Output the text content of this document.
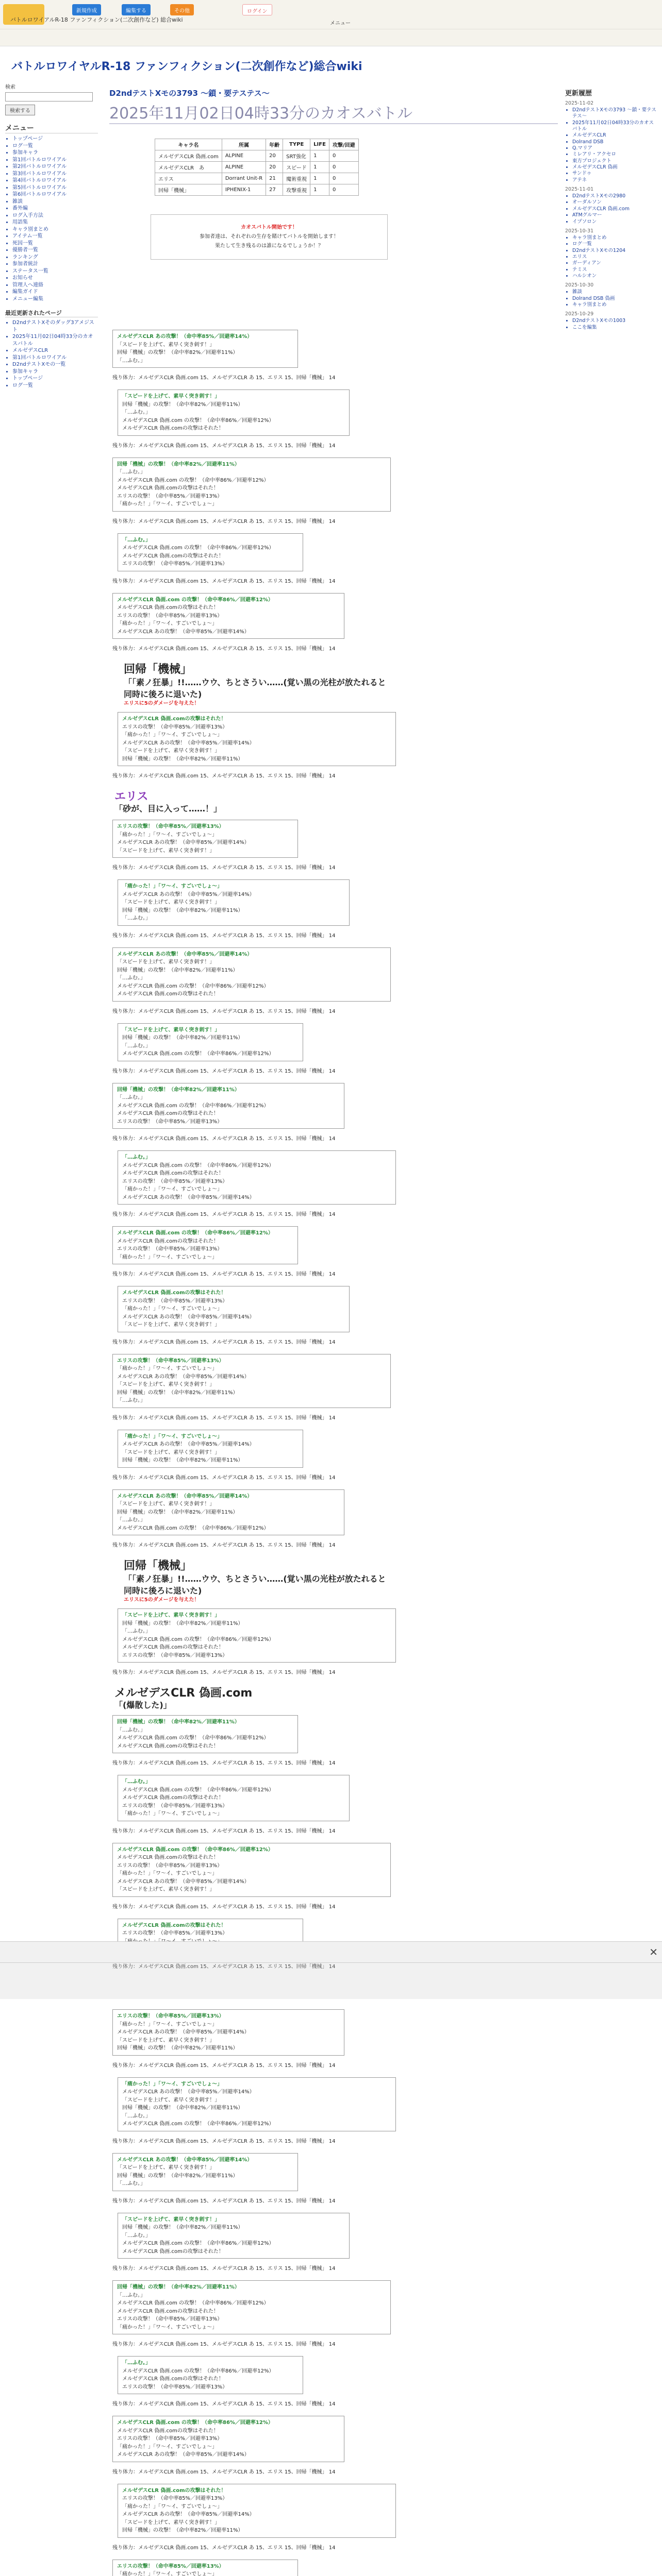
バトルロワイアルR-18 ファンフィクション(二次創作など) 総合wiki
新規作成	編集する	その他	ログイン
メニュー
バトルロワイヤルR-18 ファンフィクション(二次創作など)総合wiki
検索
検索する
メニュー
• トップページ
• ログ一覧
• 参加キャラ
• 第1回バトルロワイアル
• 第2回バトルロワイアル
• 第3回バトルロワイアル
• 第4回バトルロワイアル
• 第5回バトルロワイアル
• 第6回バトルロワイアル
• 雑談
• 番外編
• ログ入手方法
• 用語集
• キャラ別まとめ
• アイテム一覧
• 死因一覧
• 優勝者一覧
• ランキング
• 参加者統計
• ステータス一覧
• お知らせ
• 管理人へ連絡
• 編集ガイド
• メニュー編集
最近更新されたページ
• D2ndテストXそのダッグ3アメジスト
• 2025年11月02日04時33分のカオスバトル
• メルゼデスCLR
• 第1回バトルロワイアル
• D2ndテストXモの一覧
• 参加キャラ
• トップページ
• ログ一覧
更新履歴
2025-11-02
• D2ndテストXモの3793 〜鎖・要テステス〜
• 2025年11月02日04時33分のカオスバトル
• メルゼデスCLR
• Dolrand DSB
• Q.マリア
• ミレアリ・アクセロ
• 東方プロジェクト
• メルゼデスCLR 偽画
• サンドゥ
• アテネ
2025-11-01
• D2ndテストXモの2980
• オーダルソン
• メルゼデスCLR 偽画.com
• ATMグルマー
• イプソロン
2025-10-31
• キャラ別まとめ
• ログ一覧
• D2ndテストXモの1204
• エリス
• ガーディアン
• テミス
• ハルシオン
2025-10-30
• 雑談
• Dolrand DSB 偽画
• キャラ別まとめ
2025-10-29
• D2ndテストXモの1003
• ここを編集
D2ndテストXモの3793 〜鎖・要テステス〜
2025年11月02日04時33分のカオスバトル
キャラ名	所属	年齢	TYPE	LIFE	攻撃/回避
メルゼデスCLR 偽画.com	ALPINE	20	SRT強化	1	0
メルゼデスCLR　あ	ALPINE	20	スピード	1	0
エリス	Dorrant Unit-R	21	魔術重視	1	0
回帰「機械」	IPHENIX-1	27	攻撃重視	1	0
カオスバトル開始です！
参加者達は、それぞれの生存を賭けてバトルを開始します！
果たして生き残るのは誰になるでしょうか！？
メルゼデスCLR あの攻撃！（命中率85%／回避率14%）
「スピードを上げて、素早く突き刺す！」
回帰「機械」の攻撃！（命中率82%／回避率11%）
「…ふむ。」
残り体力：メルゼデスCLR 偽画.com 15、メルゼデスCLR あ 15、エリス 15、回帰「機械」 14
「スピードを上げて、素早く突き刺す！」
回帰「機械」の攻撃！（命中率82%／回避率11%）
「…ふむ。」
メルゼデスCLR 偽画.com の攻撃！（命中率86%／回避率12%）
メルゼデスCLR 偽画.comの攻撃はそれた！
残り体力：メルゼデスCLR 偽画.com 15、メルゼデスCLR あ 15、エリス 15、回帰「機械」 14
回帰「機械」の攻撃！（命中率82%／回避率11%）
「…ふむ。」
メルゼデスCLR 偽画.com の攻撃！（命中率86%／回避率12%）
メルゼデスCLR 偽画.comの攻撃はそれた！
エリスの攻撃！（命中率85%／回避率13%）
「痛かった！」「ワ〜イ、すごいでしょ〜」
残り体力：メルゼデスCLR 偽画.com 15、メルゼデスCLR あ 15、エリス 15、回帰「機械」 14
「…ふむ。」
メルゼデスCLR 偽画.com の攻撃！（命中率86%／回避率12%）
メルゼデスCLR 偽画.comの攻撃はそれた！
エリスの攻撃！（命中率85%／回避率13%）
残り体力：メルゼデスCLR 偽画.com 15、メルゼデスCLR あ 15、エリス 15、回帰「機械」 14
メルゼデスCLR 偽画.com の攻撃！（命中率86%／回避率12%）
メルゼデスCLR 偽画.comの攻撃はそれた！
エリスの攻撃！（命中率85%／回避率13%）
「痛かった！」「ワ〜イ、すごいでしょ〜」
メルゼデスCLR あの攻撃！（命中率85%／回避率14%）
残り体力：メルゼデスCLR 偽画.com 15、メルゼデスCLR あ 15、エリス 15、回帰「機械」 14
回帰「機械」
「「素ノ狂暴」!!……ウウ、ちとさうい……(覚い黒の光柱が放たれると同時に後ろに退いた)
エリスに5のダメージを与えた！
メルゼデスCLR 偽画.comの攻撃はそれた！
エリスの攻撃！（命中率85%／回避率13%）
「痛かった！」「ワ〜イ、すごいでしょ〜」
メルゼデスCLR あの攻撃！（命中率85%／回避率14%）
「スピードを上げて、素早く突き刺す！」
回帰「機械」の攻撃！（命中率82%／回避率11%）
残り体力：メルゼデスCLR 偽画.com 15、メルゼデスCLR あ 15、エリス 15、回帰「機械」 14
エリス
「砂が、目に入って……！」
エリスの攻撃！（命中率85%／回避率13%）
「痛かった！」「ワ〜イ、すごいでしょ〜」
メルゼデスCLR あの攻撃！（命中率85%／回避率14%）
「スピードを上げて、素早く突き刺す！」
残り体力：メルゼデスCLR 偽画.com 15、メルゼデスCLR あ 15、エリス 15、回帰「機械」 14
「痛かった！」「ワ〜イ、すごいでしょ〜」
メルゼデスCLR あの攻撃！（命中率85%／回避率14%）
「スピードを上げて、素早く突き刺す！」
回帰「機械」の攻撃！（命中率82%／回避率11%）
「…ふむ。」
残り体力：メルゼデスCLR 偽画.com 15、メルゼデスCLR あ 15、エリス 15、回帰「機械」 14
メルゼデスCLR あの攻撃！（命中率85%／回避率14%）
「スピードを上げて、素早く突き刺す！」
回帰「機械」の攻撃！（命中率82%／回避率11%）
「…ふむ。」
メルゼデスCLR 偽画.com の攻撃！（命中率86%／回避率12%）
メルゼデスCLR 偽画.comの攻撃はそれた！
残り体力：メルゼデスCLR 偽画.com 15、メルゼデスCLR あ 15、エリス 15、回帰「機械」 14
「スピードを上げて、素早く突き刺す！」
回帰「機械」の攻撃！（命中率82%／回避率11%）
「…ふむ。」
メルゼデスCLR 偽画.com の攻撃！（命中率86%／回避率12%）
残り体力：メルゼデスCLR 偽画.com 15、メルゼデスCLR あ 15、エリス 15、回帰「機械」 14
回帰「機械」の攻撃！（命中率82%／回避率11%）
「…ふむ。」
メルゼデスCLR 偽画.com の攻撃！（命中率86%／回避率12%）
メルゼデスCLR 偽画.comの攻撃はそれた！
エリスの攻撃！（命中率85%／回避率13%）
残り体力：メルゼデスCLR 偽画.com 15、メルゼデスCLR あ 15、エリス 15、回帰「機械」 14
「…ふむ。」
メルゼデスCLR 偽画.com の攻撃！（命中率86%／回避率12%）
メルゼデスCLR 偽画.comの攻撃はそれた！
エリスの攻撃！（命中率85%／回避率13%）
「痛かった！」「ワ〜イ、すごいでしょ〜」
メルゼデスCLR あの攻撃！（命中率85%／回避率14%）
残り体力：メルゼデスCLR 偽画.com 15、メルゼデスCLR あ 15、エリス 15、回帰「機械」 14
メルゼデスCLR 偽画.com の攻撃！（命中率86%／回避率12%）
メルゼデスCLR 偽画.comの攻撃はそれた！
エリスの攻撃！（命中率85%／回避率13%）
「痛かった！」「ワ〜イ、すごいでしょ〜」
残り体力：メルゼデスCLR 偽画.com 15、メルゼデスCLR あ 15、エリス 15、回帰「機械」 14
メルゼデスCLR 偽画.comの攻撃はそれた！
エリスの攻撃！（命中率85%／回避率13%）
「痛かった！」「ワ〜イ、すごいでしょ〜」
メルゼデスCLR あの攻撃！（命中率85%／回避率14%）
「スピードを上げて、素早く突き刺す！」
残り体力：メルゼデスCLR 偽画.com 15、メルゼデスCLR あ 15、エリス 15、回帰「機械」 14
エリスの攻撃！（命中率85%／回避率13%）
「痛かった！」「ワ〜イ、すごいでしょ〜」
メルゼデスCLR あの攻撃！（命中率85%／回避率14%）
「スピードを上げて、素早く突き刺す！」
回帰「機械」の攻撃！（命中率82%／回避率11%）
「…ふむ。」
残り体力：メルゼデスCLR 偽画.com 15、メルゼデスCLR あ 15、エリス 15、回帰「機械」 14
「痛かった！」「ワ〜イ、すごいでしょ〜」
メルゼデスCLR あの攻撃！（命中率85%／回避率14%）
「スピードを上げて、素早く突き刺す！」
回帰「機械」の攻撃！（命中率82%／回避率11%）
残り体力：メルゼデスCLR 偽画.com 15、メルゼデスCLR あ 15、エリス 15、回帰「機械」 14
メルゼデスCLR あの攻撃！（命中率85%／回避率14%）
「スピードを上げて、素早く突き刺す！」
回帰「機械」の攻撃！（命中率82%／回避率11%）
「…ふむ。」
メルゼデスCLR 偽画.com の攻撃！（命中率86%／回避率12%）
残り体力：メルゼデスCLR 偽画.com 15、メルゼデスCLR あ 15、エリス 15、回帰「機械」 14
回帰「機械」
「「素ノ狂暴」!!……ウウ、ちとさうい……(覚い黒の光柱が放たれると同時に後ろに退いた)
エリスに5のダメージを与えた！
「スピードを上げて、素早く突き刺す！」
回帰「機械」の攻撃！（命中率82%／回避率11%）
「…ふむ。」
メルゼデスCLR 偽画.com の攻撃！（命中率86%／回避率12%）
メルゼデスCLR 偽画.comの攻撃はそれた！
エリスの攻撃！（命中率85%／回避率13%）
残り体力：メルゼデスCLR 偽画.com 15、メルゼデスCLR あ 15、エリス 15、回帰「機械」 14
メルゼデスCLR 偽画.com
「(爆散した)」
回帰「機械」の攻撃！（命中率82%／回避率11%）
「…ふむ。」
メルゼデスCLR 偽画.com の攻撃！（命中率86%／回避率12%）
メルゼデスCLR 偽画.comの攻撃はそれた！
残り体力：メルゼデスCLR 偽画.com 15、メルゼデスCLR あ 15、エリス 15、回帰「機械」 14
「…ふむ。」
メルゼデスCLR 偽画.com の攻撃！（命中率86%／回避率12%）
メルゼデスCLR 偽画.comの攻撃はそれた！
エリスの攻撃！（命中率85%／回避率13%）
「痛かった！」「ワ〜イ、すごいでしょ〜」
残り体力：メルゼデスCLR 偽画.com 15、メルゼデスCLR あ 15、エリス 15、回帰「機械」 14
メルゼデスCLR 偽画.com の攻撃！（命中率86%／回避率12%）
メルゼデスCLR 偽画.comの攻撃はそれた！
エリスの攻撃！（命中率85%／回避率13%）
「痛かった！」「ワ〜イ、すごいでしょ〜」
メルゼデスCLR あの攻撃！（命中率85%／回避率14%）
「スピードを上げて、素早く突き刺す！」
残り体力：メルゼデスCLR 偽画.com 15、メルゼデスCLR あ 15、エリス 15、回帰「機械」 14
メルゼデスCLR 偽画.comの攻撃はそれた！
エリスの攻撃！（命中率85%／回避率13%）
残り体力：メルゼデスCLR 偽画.com 15、メルゼデスCLR あ 15、エリス 15、回帰「機械」 14
エリスの攻撃！（命中率85%／回避率13%）
「痛かった！」「ワ〜イ、すごいでしょ〜」
メルゼデスCLR あの攻撃！（命中率85%／回避率14%）
「スピードを上げて、素早く突き刺す！」
回帰「機械」の攻撃！（命中率82%／回避率11%）
残り体力：メルゼデスCLR 偽画.com 15、メルゼデスCLR あ 15、エリス 15、回帰「機械」 14
「痛かった！」「ワ〜イ、すごいでしょ〜」
メルゼデスCLR あの攻撃！（命中率85%／回避率14%）
「スピードを上げて、素早く突き刺す！」
回帰「機械」の攻撃！（命中率82%／回避率11%）
「…ふむ。」
メルゼデスCLR 偽画.com の攻撃！（命中率86%／回避率12%）
残り体力：メルゼデスCLR 偽画.com 15、メルゼデスCLR あ 15、エリス 15、回帰「機械」 14
メルゼデスCLR あの攻撃！（命中率85%／回避率14%）
「スピードを上げて、素早く突き刺す！」
回帰「機械」の攻撃！（命中率82%／回避率11%）
「…ふむ。」
残り体力：メルゼデスCLR 偽画.com 15、メルゼデスCLR あ 15、エリス 15、回帰「機械」 14
「スピードを上げて、素早く突き刺す！」
回帰「機械」の攻撃！（命中率82%／回避率11%）
「…ふむ。」
メルゼデスCLR 偽画.com の攻撃！（命中率86%／回避率12%）
メルゼデスCLR 偽画.comの攻撃はそれた！
残り体力：メルゼデスCLR 偽画.com 15、メルゼデスCLR あ 15、エリス 15、回帰「機械」 14
回帰「機械」の攻撃！（命中率82%／回避率11%）
「…ふむ。」
メルゼデスCLR 偽画.com の攻撃！（命中率86%／回避率12%）
メルゼデスCLR 偽画.comの攻撃はそれた！
エリスの攻撃！（命中率85%／回避率13%）
「痛かった！」「ワ〜イ、すごいでしょ〜」
残り体力：メルゼデスCLR 偽画.com 15、メルゼデスCLR あ 15、エリス 15、回帰「機械」 14
「…ふむ。」
メルゼデスCLR 偽画.com の攻撃！（命中率86%／回避率12%）
メルゼデスCLR 偽画.comの攻撃はそれた！
エリスの攻撃！（命中率85%／回避率13%）
残り体力：メルゼデスCLR 偽画.com 15、メルゼデスCLR あ 15、エリス 15、回帰「機械」 14
メルゼデスCLR 偽画.com の攻撃！（命中率86%／回避率12%）
メルゼデスCLR 偽画.comの攻撃はそれた！
エリスの攻撃！（命中率85%／回避率13%）
「痛かった！」「ワ〜イ、すごいでしょ〜」
メルゼデスCLR あの攻撃！（命中率85%／回避率14%）
残り体力：メルゼデスCLR 偽画.com 15、メルゼデスCLR あ 15、エリス 15、回帰「機械」 14
メルゼデスCLR 偽画.comの攻撃はそれた！
エリスの攻撃！（命中率85%／回避率13%）
「痛かった！」「ワ〜イ、すごいでしょ〜」
メルゼデスCLR あの攻撃！（命中率85%／回避率14%）
「スピードを上げて、素早く突き刺す！」
回帰「機械」の攻撃！（命中率82%／回避率11%）
残り体力：メルゼデスCLR 偽画.com 15、メルゼデスCLR あ 15、エリス 15、回帰「機械」 14
エリスの攻撃！（命中率85%／回避率13%）
「痛かった！」「ワ〜イ、すごいでしょ〜」
✕
